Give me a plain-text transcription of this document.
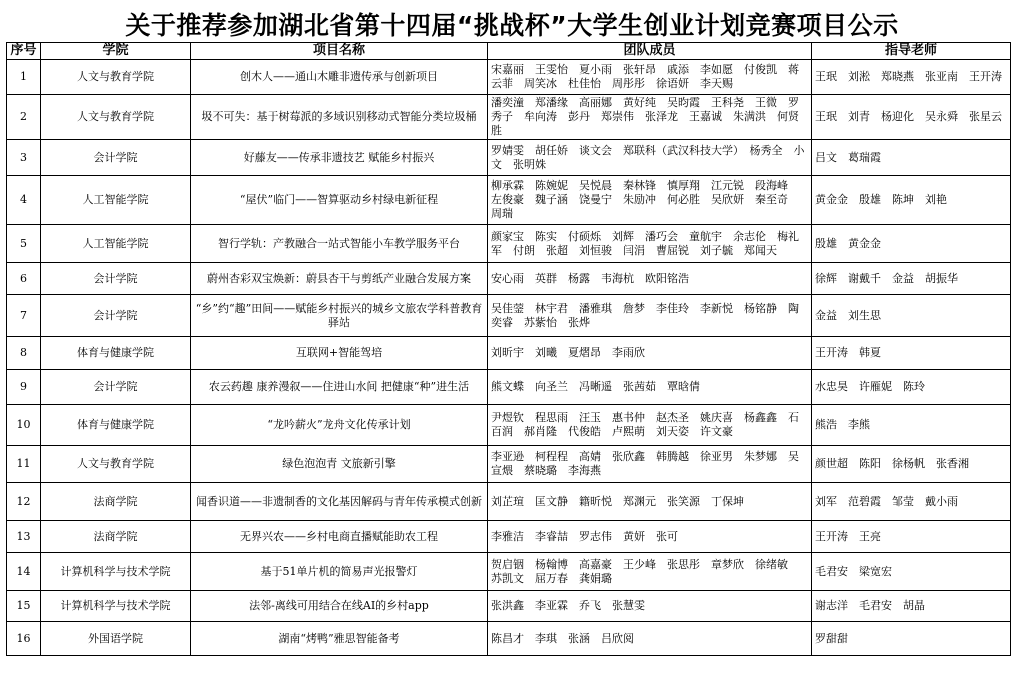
关于推荐参加湖北省第十四届“挑战杯”大学生创业计划竞赛项目公示
序号	学院	项目名称	团队成员	指导老师
1	人文与教育学院	创木人——通山木雕非遗传承与创新项目	宋嘉丽　王雯怡　夏小雨　张轩昂　戚添　李如愿　付俊凯　蒋云菲　周笑冰　杜佳怡　周彤彤　徐语妍　李天赐	王珉　刘淞　郑晓燕　张亚南　王开涛
2	人文与教育学院	圾不可失：基于树莓派的多域识别移动式智能分类垃圾桶	潘奕潼　郑潘缘　高丽娜　黄好纯　吴昀霞　王科尧　王微　罗秀子　牟向涛　彭丹　郑崇伟　张泽龙　王嘉诚　朱满洪　何贤胜	王珉　刘青　杨迎化　吴永舜　张星云
3	会计学院	好藤友——传承非遗技艺 赋能乡村振兴	罗婧雯　胡任娇　谈文会　郑联科（武汉科技大学）　杨秀全　小文　张明姝	吕文　葛瑞霞
4	人工智能学院	“屋伏”临门——智算驱动乡村绿电新征程	柳承霖　陈婉妮　吴悦晨　秦林锋　慎厚翔　江元锐　段海峰　左俊豪　魏子涵　饶曼宁　朱励冲　何必胜　吴欣妍　秦至奇　周瑞	黄金金　殷雄　陈坤　刘艳
5	人工智能学院	智行学轨：产教融合一站式智能小车教学服务平台	颜家宝　陈实　付硕烁　刘辉　潘巧会　童航宇　余志伦　梅礼军　付朗　张超　刘恒骏　闫涓　曹屈锐　刘子毓　郑闻天	殷雄　黄金金
6	会计学院	蔚州杏彩双宝焕新：蔚县杏干与剪纸产业融合发展方案	安心雨　英群　杨露　韦海杭　欧阳铭浩	徐辉　谢戴千　金益　胡振华
7	会计学院	“乡”约“趣”田间——赋能乡村振兴的城乡文旅农学科普教育驿站	吴佳蓥　林宇君　潘雅琪　詹梦　李佳玲　李新悦　杨铭静　陶奕睿　苏紫怡　张烨	金益　刘生思
8	体育与健康学院	互联网+智能驾培	刘昕宇　刘曦　夏熠昂　李雨欣	王开涛　韩夏
9	会计学院	农云药趣 康养漫叙——住进山水间 把健康“种”进生活	熊文蝶　向圣兰　冯晰遥　张茜茹　覃晗倩	水忠昊　许雁妮　陈玲
10	体育与健康学院	“龙吟薪火”龙舟文化传承计划	尹煜钦　程思雨　汪玉　惠书仲　赵杰圣　姚庆喜　杨鑫鑫　石百润　郝肖隆　代俊皓　卢熙萌　刘天姿　许文豪	熊浩　李熊
11	人文与教育学院	绿色泡泡青 文旅新引擎	李亚逊　柯程程　高婧　张欣鑫　韩腾越　徐亚男　朱梦娜　吴宣煨　蔡晓璐　李海燕	颜世超　陈阳　徐杨帆　张香湘
12	法商学院	闻香识道——非遗制香的文化基因解码与青年传承模式创新	刘芷瑄　匡文静　籍昕悦　郑渊元　张笑源　丁保坤	刘军　范碧霞　邹莹　戴小雨
13	法商学院	无界兴农——乡村电商直播赋能助农工程	李雅洁　李睿喆　罗志伟　黄妍　张可	王开涛　王亮
14	计算机科学与技术学院	基于51单片机的简易声光报警灯	贺启铟　杨翰博　高嘉豪　王少峰　张思彤　章梦欣　徐绪敏　苏凯文　屈万春　龚娟璐	毛君安　梁宽宏
15	计算机科学与技术学院	法邻-离线可用结合在线AI的乡村app	张洪鑫　李亚霖　乔飞　张慧雯	谢志洋　毛君安　胡晶
16	外国语学院	湖南“烤鸭”雅思智能备考	陈昌才　李琪　张涵　吕欣阅	罗甜甜
